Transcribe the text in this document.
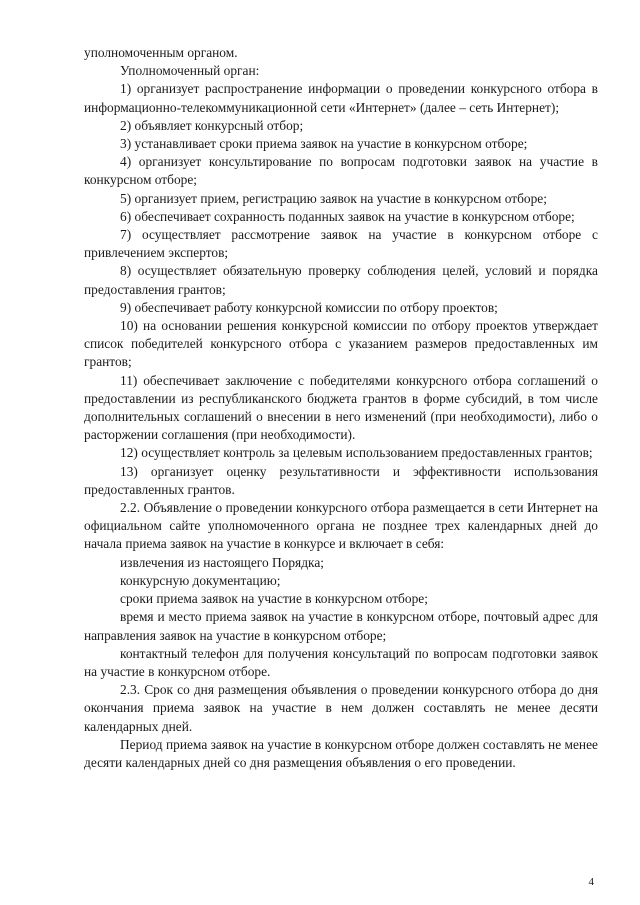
уполномоченным органом.

Уполномоченный орган:

1) организует распространение информации о проведении конкурсного отбора в информационно-телекоммуникационной сети «Интернет» (далее – сеть Интернет);

2) объявляет конкурсный отбор;

3) устанавливает сроки приема заявок на участие в конкурсном отборе;

4) организует консультирование по вопросам подготовки заявок на участие в конкурсном отборе;

5) организует прием, регистрацию заявок на участие в конкурсном отборе;

6) обеспечивает сохранность поданных заявок на участие в конкурсном отборе;

7) осуществляет рассмотрение заявок на участие в конкурсном отборе с привлечением экспертов;

8) осуществляет обязательную проверку соблюдения целей, условий и порядка предоставления грантов;

9) обеспечивает работу конкурсной комиссии по отбору проектов;

10) на основании решения конкурсной комиссии по отбору проектов утверждает список победителей конкурсного отбора с указанием размеров предоставленных им грантов;

11) обеспечивает заключение с победителями конкурсного отбора соглашений о предоставлении из республиканского бюджета грантов в форме субсидий, в том числе дополнительных соглашений о внесении в него изменений (при необходимости), либо о расторжении соглашения (при необходимости).

12) осуществляет контроль за целевым использованием предоставленных грантов;

13) организует оценку результативности и эффективности использования предоставленных грантов.

2.2. Объявление о проведении конкурсного отбора размещается в сети Интернет на официальном сайте уполномоченного органа не позднее трех календарных дней до начала приема заявок на участие в конкурсе и включает в себя:

извлечения из настоящего Порядка;

конкурсную документацию;

сроки приема заявок на участие в конкурсном отборе;

время и место приема заявок на участие в конкурсном отборе, почтовый адрес для направления заявок на участие в конкурсном отборе;

контактный телефон для получения консультаций по вопросам подготовки заявок на участие в конкурсном отборе.

2.3. Срок со дня размещения объявления о проведении конкурсного отбора до дня окончания приема заявок на участие в нем должен составлять не менее десяти календарных дней.

Период приема заявок на участие в конкурсном отборе должен составлять не менее десяти календарных дней со дня размещения объявления о его проведении.

4
